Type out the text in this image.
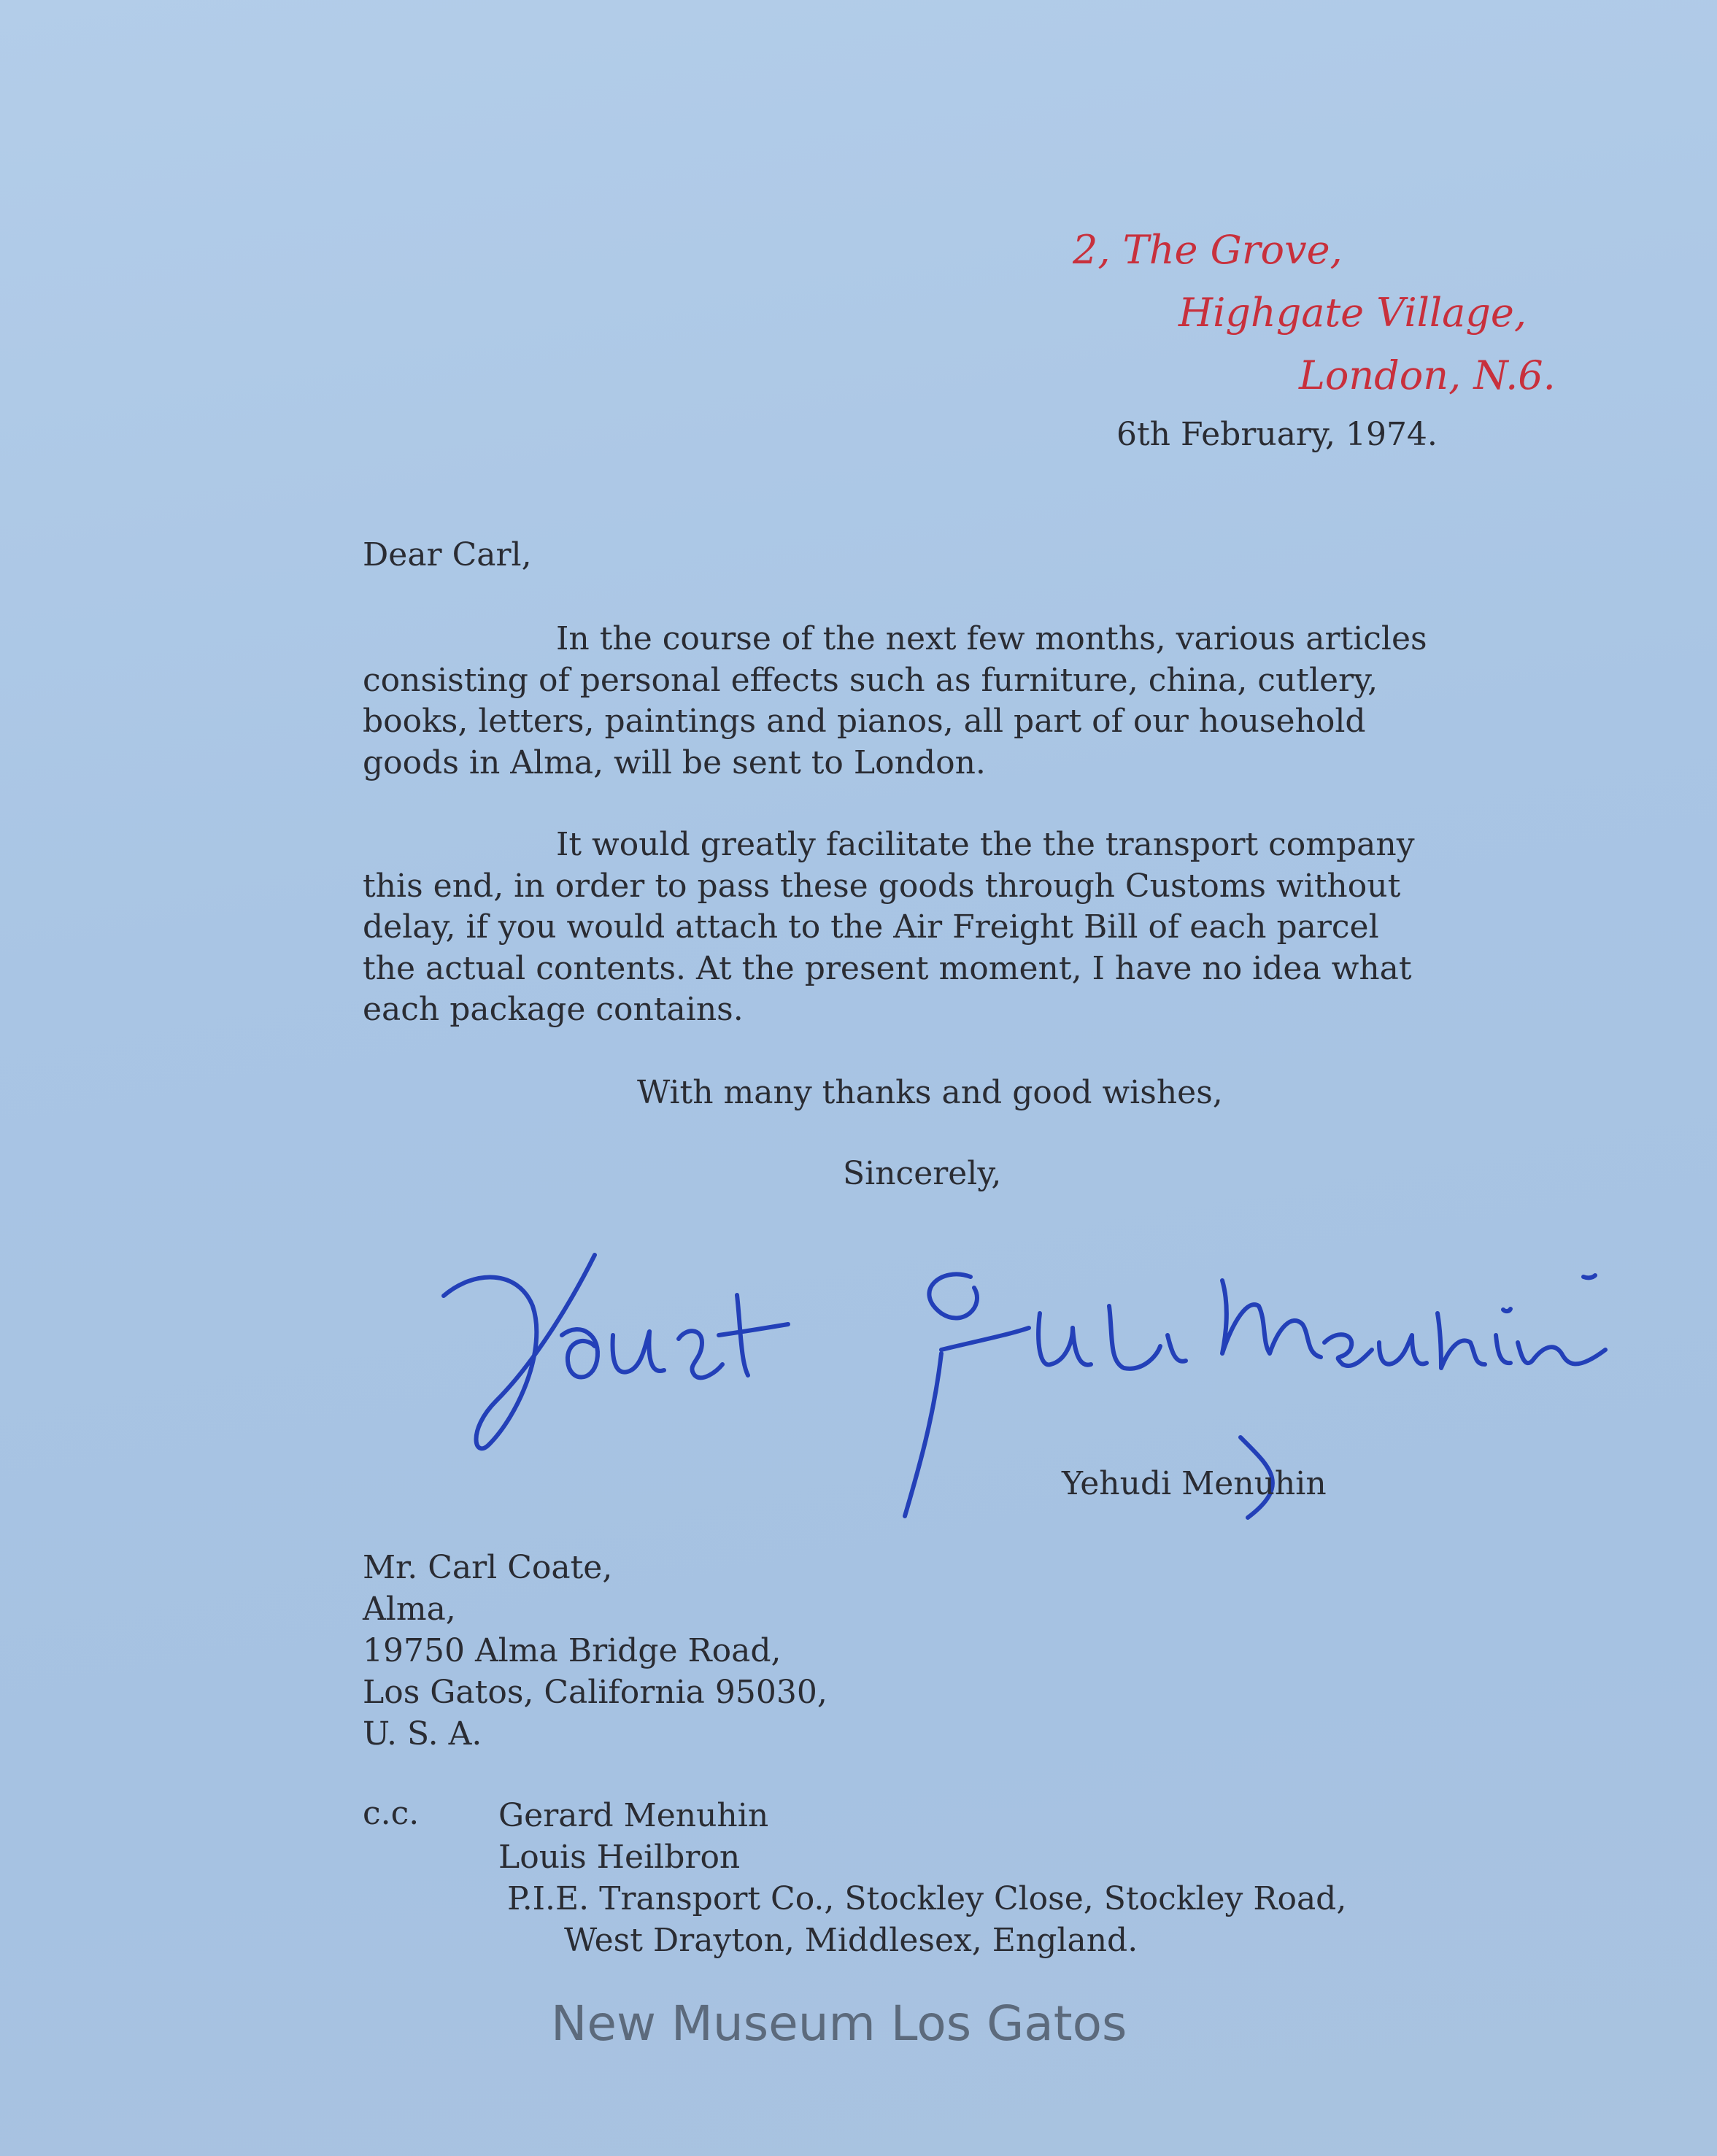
2, The Grove,
Highgate Village,
London, N.6.
6th February, 1974.
Dear Carl,
In the course of the next few months, various articles
consisting of personal effects such as furniture, china, cutlery,
books, letters, paintings and pianos, all part of our household
goods in Alma, will be sent to London.
It would greatly facilitate the the transport company
this end, in order to pass these goods through Customs without
delay, if you would attach to the Air Freight Bill of each parcel
the actual contents. At the present moment, I have no idea what
each package contains.
With many thanks and good wishes,
Sincerely,
Yehudi Menuhin
Mr. Carl Coate,
Alma,
19750 Alma Bridge Road,
Los Gatos, California 95030,
U. S. A.
c.c. Gerard Menuhin
Louis Heilbron
P.I.E. Transport Co., Stockley Close, Stockley Road,
West Drayton, Middlesex, England.
New Museum Los Gatos
